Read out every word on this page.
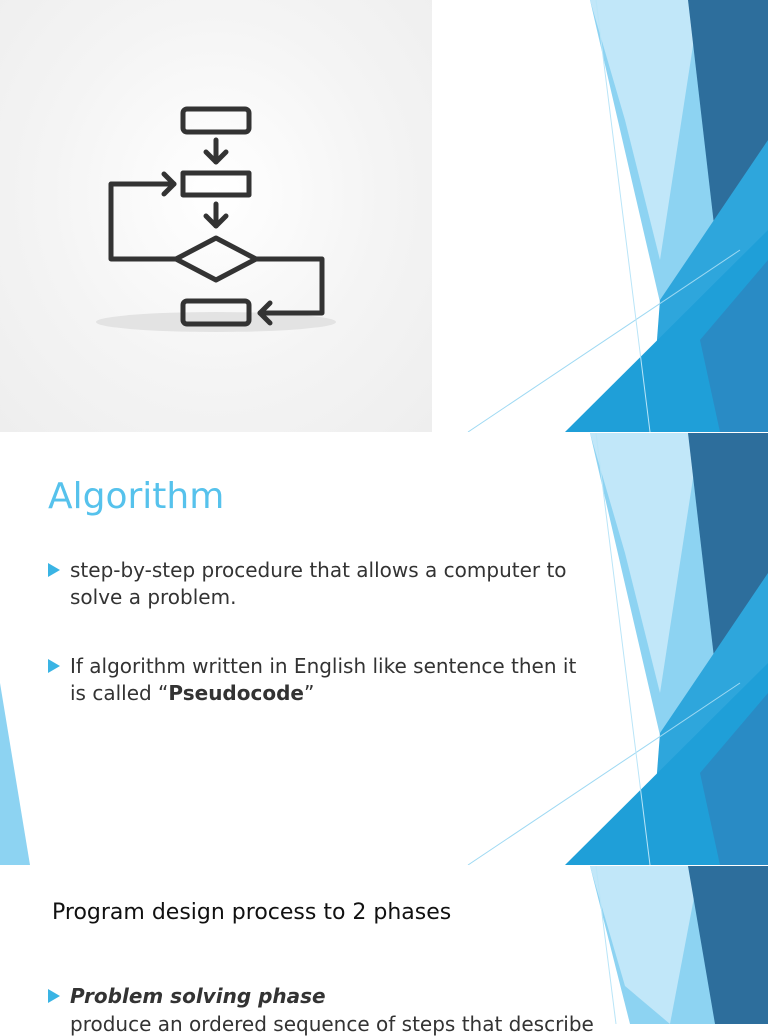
Algorithm
step-by-step procedure that allows a computer to solve a problem.
If algorithm written in English like sentence then it is called “Pseudocode”
Program design process to 2 phases
Problem solving phase
produce an ordered sequence of steps that describe
